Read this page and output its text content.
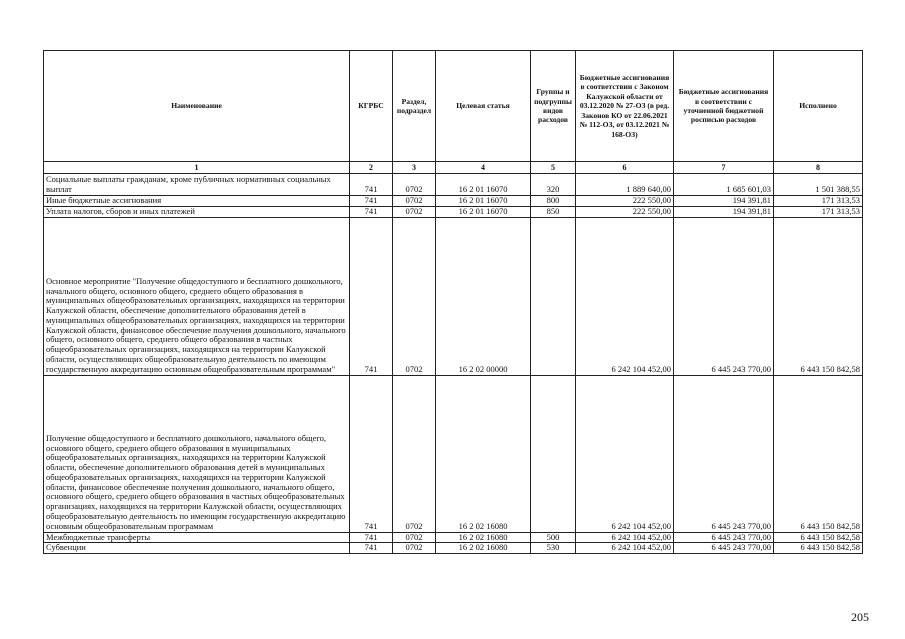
Наименование	КГРБС	Раздел, подраздел	Целевая статья	Группы и подгруппы видов расходов	Бюджетные ассигнования в соответствии с Законом Калужской области от 03.12.2020 № 27-ОЗ (в ред. Законов КО от 22.06.2021 № 112-ОЗ, от 03.12.2021 № 168-ОЗ)	Бюджетные ассигнования в соответствии с уточненной бюджетной росписью расходов	Исполнено
1	2	3	4	5	6	7	8
Социальные выплаты гражданам, кроме публичных нормативных социальных выплат	741	0702	16 2 01 16070	320	1 889 640,00	1 685 601,03	1 501 388,55
Иные бюджетные ассигнования	741	0702	16 2 01 16070	800	222 550,00	194 391,81	171 313,53
Уплата налогов, сборов и иных платежей	741	0702	16 2 01 16070	850	222 550,00	194 391,81	171 313,53
Основное мероприятие "Получение общедоступного и бесплатного дошкольного, начального общего, основного общего, среднего общего образования в муниципальных общеобразовательных организациях, находящихся на территории Калужской области, обеспечение дополнительного образования детей в муниципальных общеобразовательных организациях, находящихся на территории Калужской области, финансовое обеспечение получения дошкольного, начального общего, основного общего, среднего общего образования в частных общеобразовательных организациях, находящихся на территории Калужской области, осуществляющих общеобразовательную деятельность по имеющим государственную аккредитацию основным общеобразовательным программам"	741	0702	16 2 02 00000		6 242 104 452,00	6 445 243 770,00	6 443 150 842,58
Получение общедоступного и бесплатного дошкольного, начального общего, основного общего, среднего общего образования в муниципальных общеобразовательных организациях, находящихся на территории Калужской области, обеспечение дополнительного образования детей в муниципальных общеобразовательных организациях, находящихся на территории Калужской области, финансовое обеспечение получения дошкольного, начального общего, основного общего, среднего общего образования в частных общеобразовательных организациях, находящихся на территории Калужской области, осуществляющих общеобразовательную деятельность по имеющим государственную аккредитацию основным общеобразовательным программам	741	0702	16 2 02 16080		6 242 104 452,00	6 445 243 770,00	6 443 150 842,58
Межбюджетные трансферты	741	0702	16 2 02 16080	500	6 242 104 452,00	6 445 243 770,00	6 443 150 842,58
Субвенции	741	0702	16 2 02 16080	530	6 242 104 452,00	6 445 243 770,00	6 443 150 842,58
205
